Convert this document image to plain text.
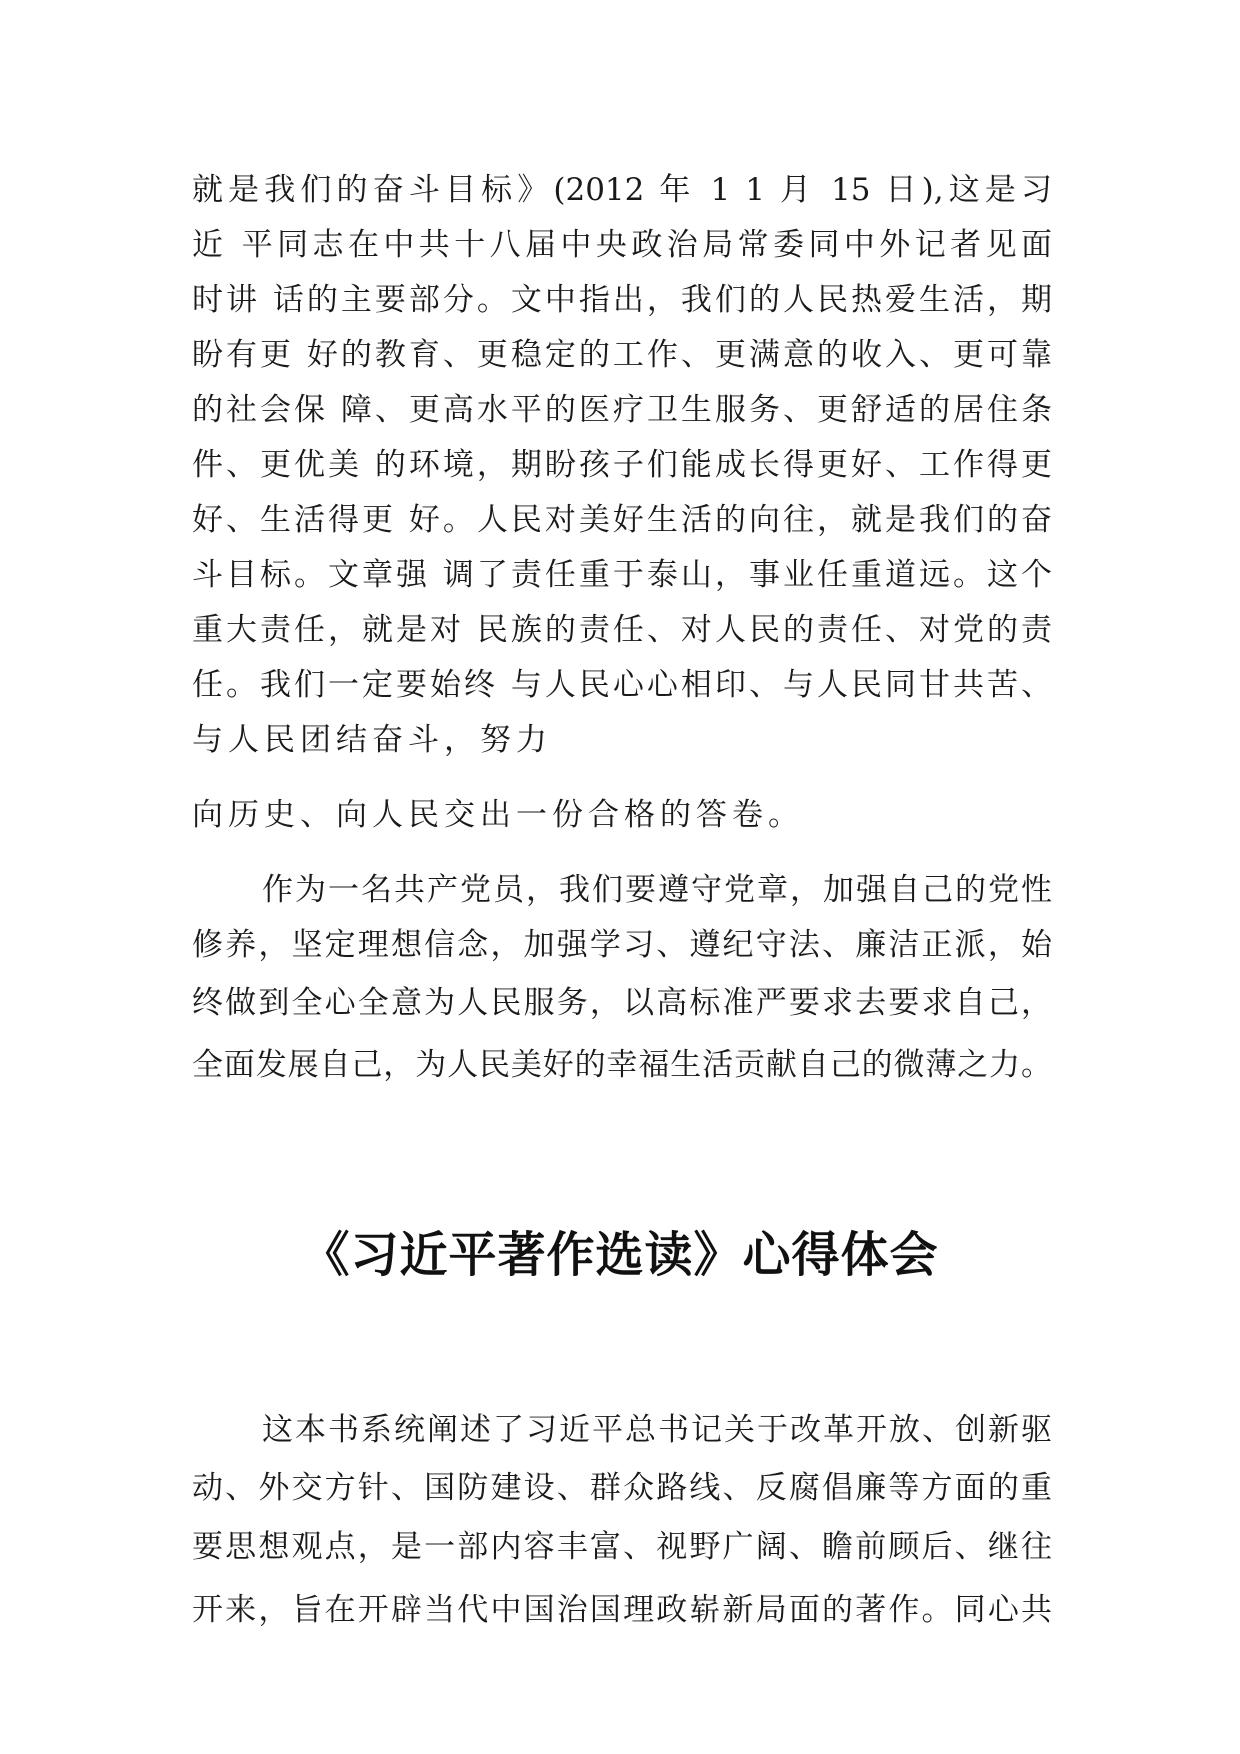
就是我们的奋斗目标》(2012 年 1 1 月 15 日),这是习
近 平同志在中共十八届中央政治局常委同中外记者见面
时讲 话的主要部分。文中指出，我们的人民热爱生活，期
盼有更 好的教育、更稳定的工作、更满意的收入、更可靠
的社会保 障、更高水平的医疗卫生服务、更舒适的居住条
件、更优美 的环境，期盼孩子们能成长得更好、工作得更
好、生活得更 好。人民对美好生活的向往，就是我们的奋
斗目标。文章强 调了责任重于泰山，事业任重道远。这个
重大责任，就是对 民族的责任、对人民的责任、对党的责
任。我们一定要始终 与人民心心相印、与人民同甘共苦、
与人民团结奋斗，努力
向历史、向人民交出一份合格的答卷。
作为一名共产党员，我们要遵守党章，加强自己的党性
修养，坚定理想信念，加强学习、遵纪守法、廉洁正派，始
终做到全心全意为人民服务，以高标准严要求去要求自己，
全面发展自己，为人民美好的幸福生活贡献自己的微薄之力。
《习近平著作选读》心得体会
这本书系统阐述了习近平总书记关于改革开放、创新驱
动、外交方针、国防建设、群众路线、反腐倡廉等方面的重
要思想观点，是一部内容丰富、视野广阔、瞻前顾后、继往
开来，旨在开辟当代中国治国理政崭新局面的著作。同心共
